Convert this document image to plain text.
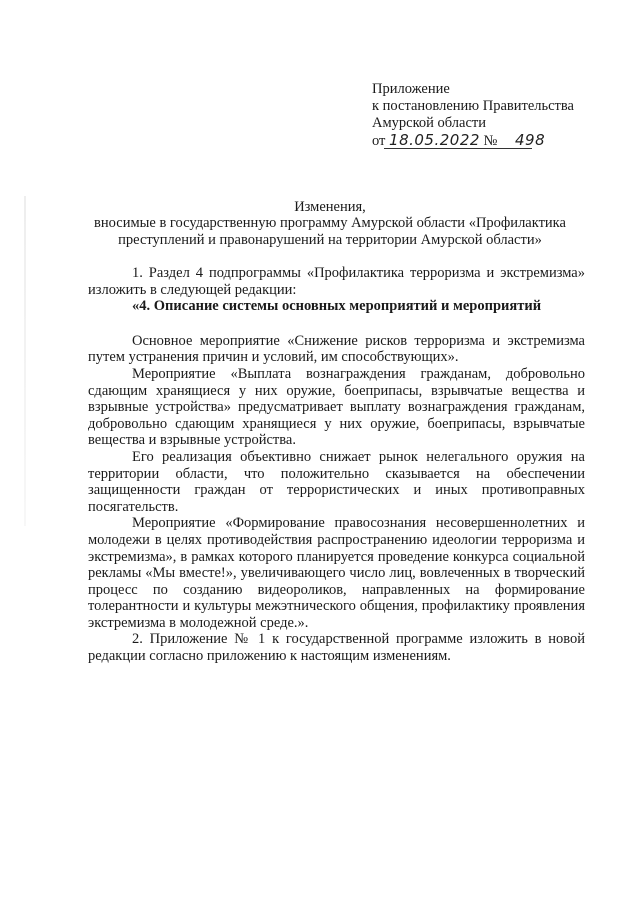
Приложение
к постановлению Правительства
Амурской области
от 18.05.2022 № 498
Изменения,
вносимые в государственную программу Амурской области «Профилактика
преступлений и правонарушений на территории Амурской области»

1. Раздел 4 подпрограммы «Профилактика терроризма и экстремизма» изложить в следующей редакции:

«4. Описание системы основных мероприятий и мероприятий

Основное мероприятие «Снижение рисков терроризма и экстремизма путем устранения причин и условий, им способствующих».

Мероприятие «Выплата вознаграждения гражданам, добровольно сдающим хранящиеся у них оружие, боеприпасы, взрывчатые вещества и взрывные устройства» предусматривает выплату вознаграждения гражданам, добровольно сдающим хранящиеся у них оружие, боеприпасы, взрывчатые вещества и взрывные устройства.

Его реализация объективно снижает рынок нелегального оружия на территории области, что положительно сказывается на обеспечении защищенности граждан от террористических и иных противоправных посягательств.

Мероприятие «Формирование правосознания несовершеннолетних и молодежи в целях противодействия распространению идеологии терроризма и экстремизма», в рамках которого планируется проведение конкурса социальной рекламы «Мы вместе!», увеличивающего число лиц, вовлеченных в творческий процесс по созданию видеороликов, направленных на формирование толерантности и культуры межэтнического общения, профилактику проявления экстремизма в молодежной среде.».

2. Приложение № 1 к государственной программе изложить в новой редакции согласно приложению к настоящим изменениям.
